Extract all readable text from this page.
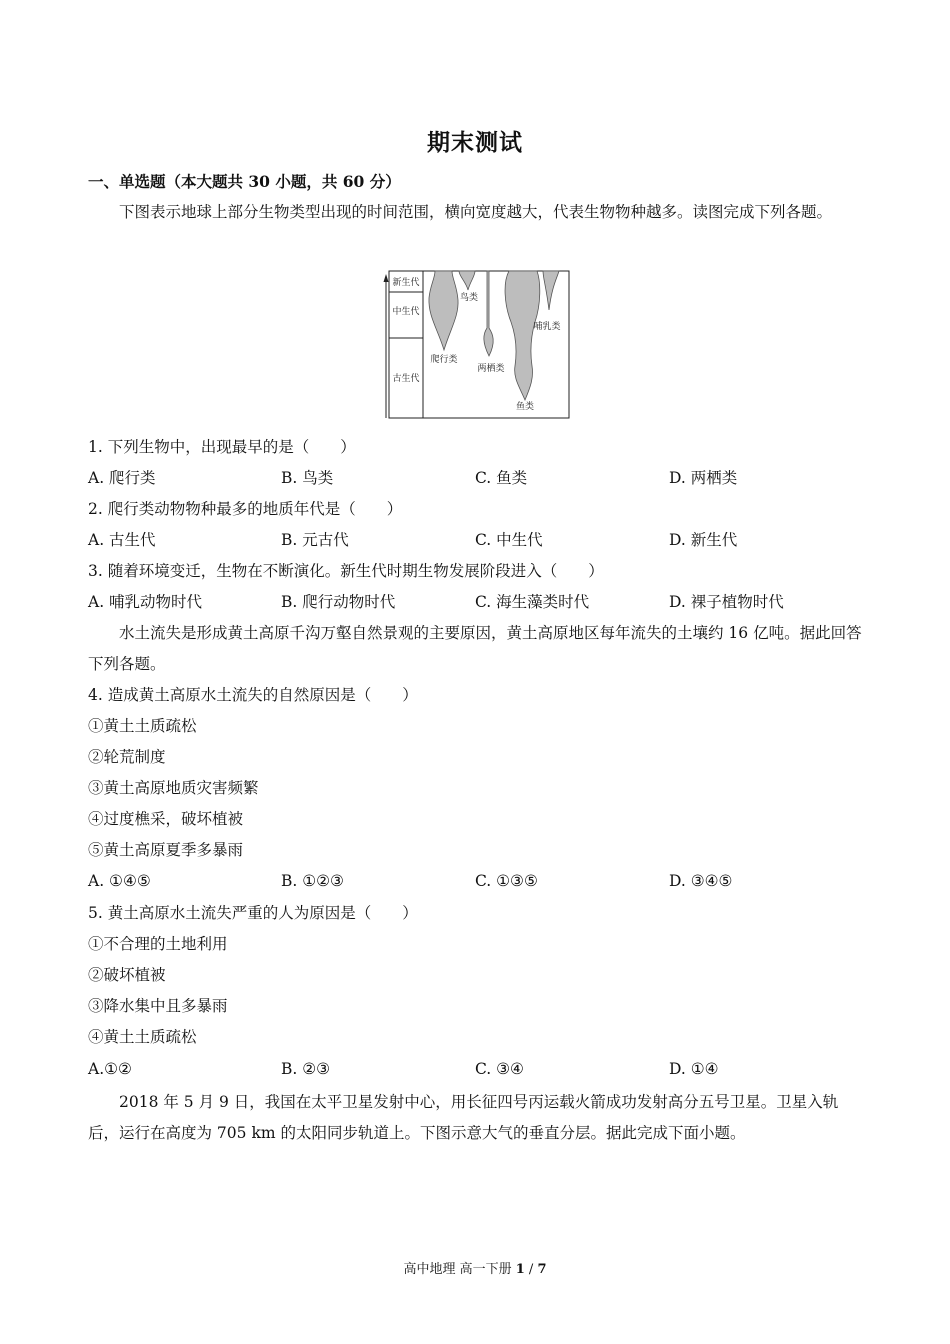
期末测试
一、单选题（本大题共 30 小题，共 60 分）
下图表示地球上部分生物类型出现的时间范围，横向宽度越大，代表生物物种越多。读图完成下列各题。
新生代
中生代
古生代
鸟类
哺乳类
爬行类
两栖类
鱼类
1. 下列生物中，出现最早的是（　　）
A. 爬行类	B. 鸟类	C. 鱼类	D. 两栖类
2. 爬行类动物物种最多的地质年代是（　　）
A. 古生代	B. 元古代	C. 中生代	D. 新生代
3. 随着环境变迁，生物在不断演化。新生代时期生物发展阶段进入（　　）
A. 哺乳动物时代	B. 爬行动物时代	C. 海生藻类时代	D. 裸子植物时代
水土流失是形成黄土高原千沟万壑自然景观的主要原因，黄土高原地区每年流失的土壤约 16 亿吨。据此回答下列各题。
4. 造成黄土高原水土流失的自然原因是（　　）
①黄土土质疏松
②轮荒制度
③黄土高原地质灾害频繁
④过度樵采，破坏植被
⑤黄土高原夏季多暴雨
A. ①④⑤	B. ①②③	C. ①③⑤	D. ③④⑤
5. 黄土高原水土流失严重的人为原因是（　　）
①不合理的土地利用
②破坏植被
③降水集中且多暴雨
④黄土土质疏松
A.①②	B. ②③	C. ③④	D. ①④
2018 年 5 月 9 日，我国在太平卫星发射中心，用长征四号丙运载火箭成功发射高分五号卫星。卫星入轨后，运行在高度为 705 km 的太阳同步轨道上。下图示意大气的垂直分层。据此完成下面小题。
高中地理 高一下册 1 / 7
